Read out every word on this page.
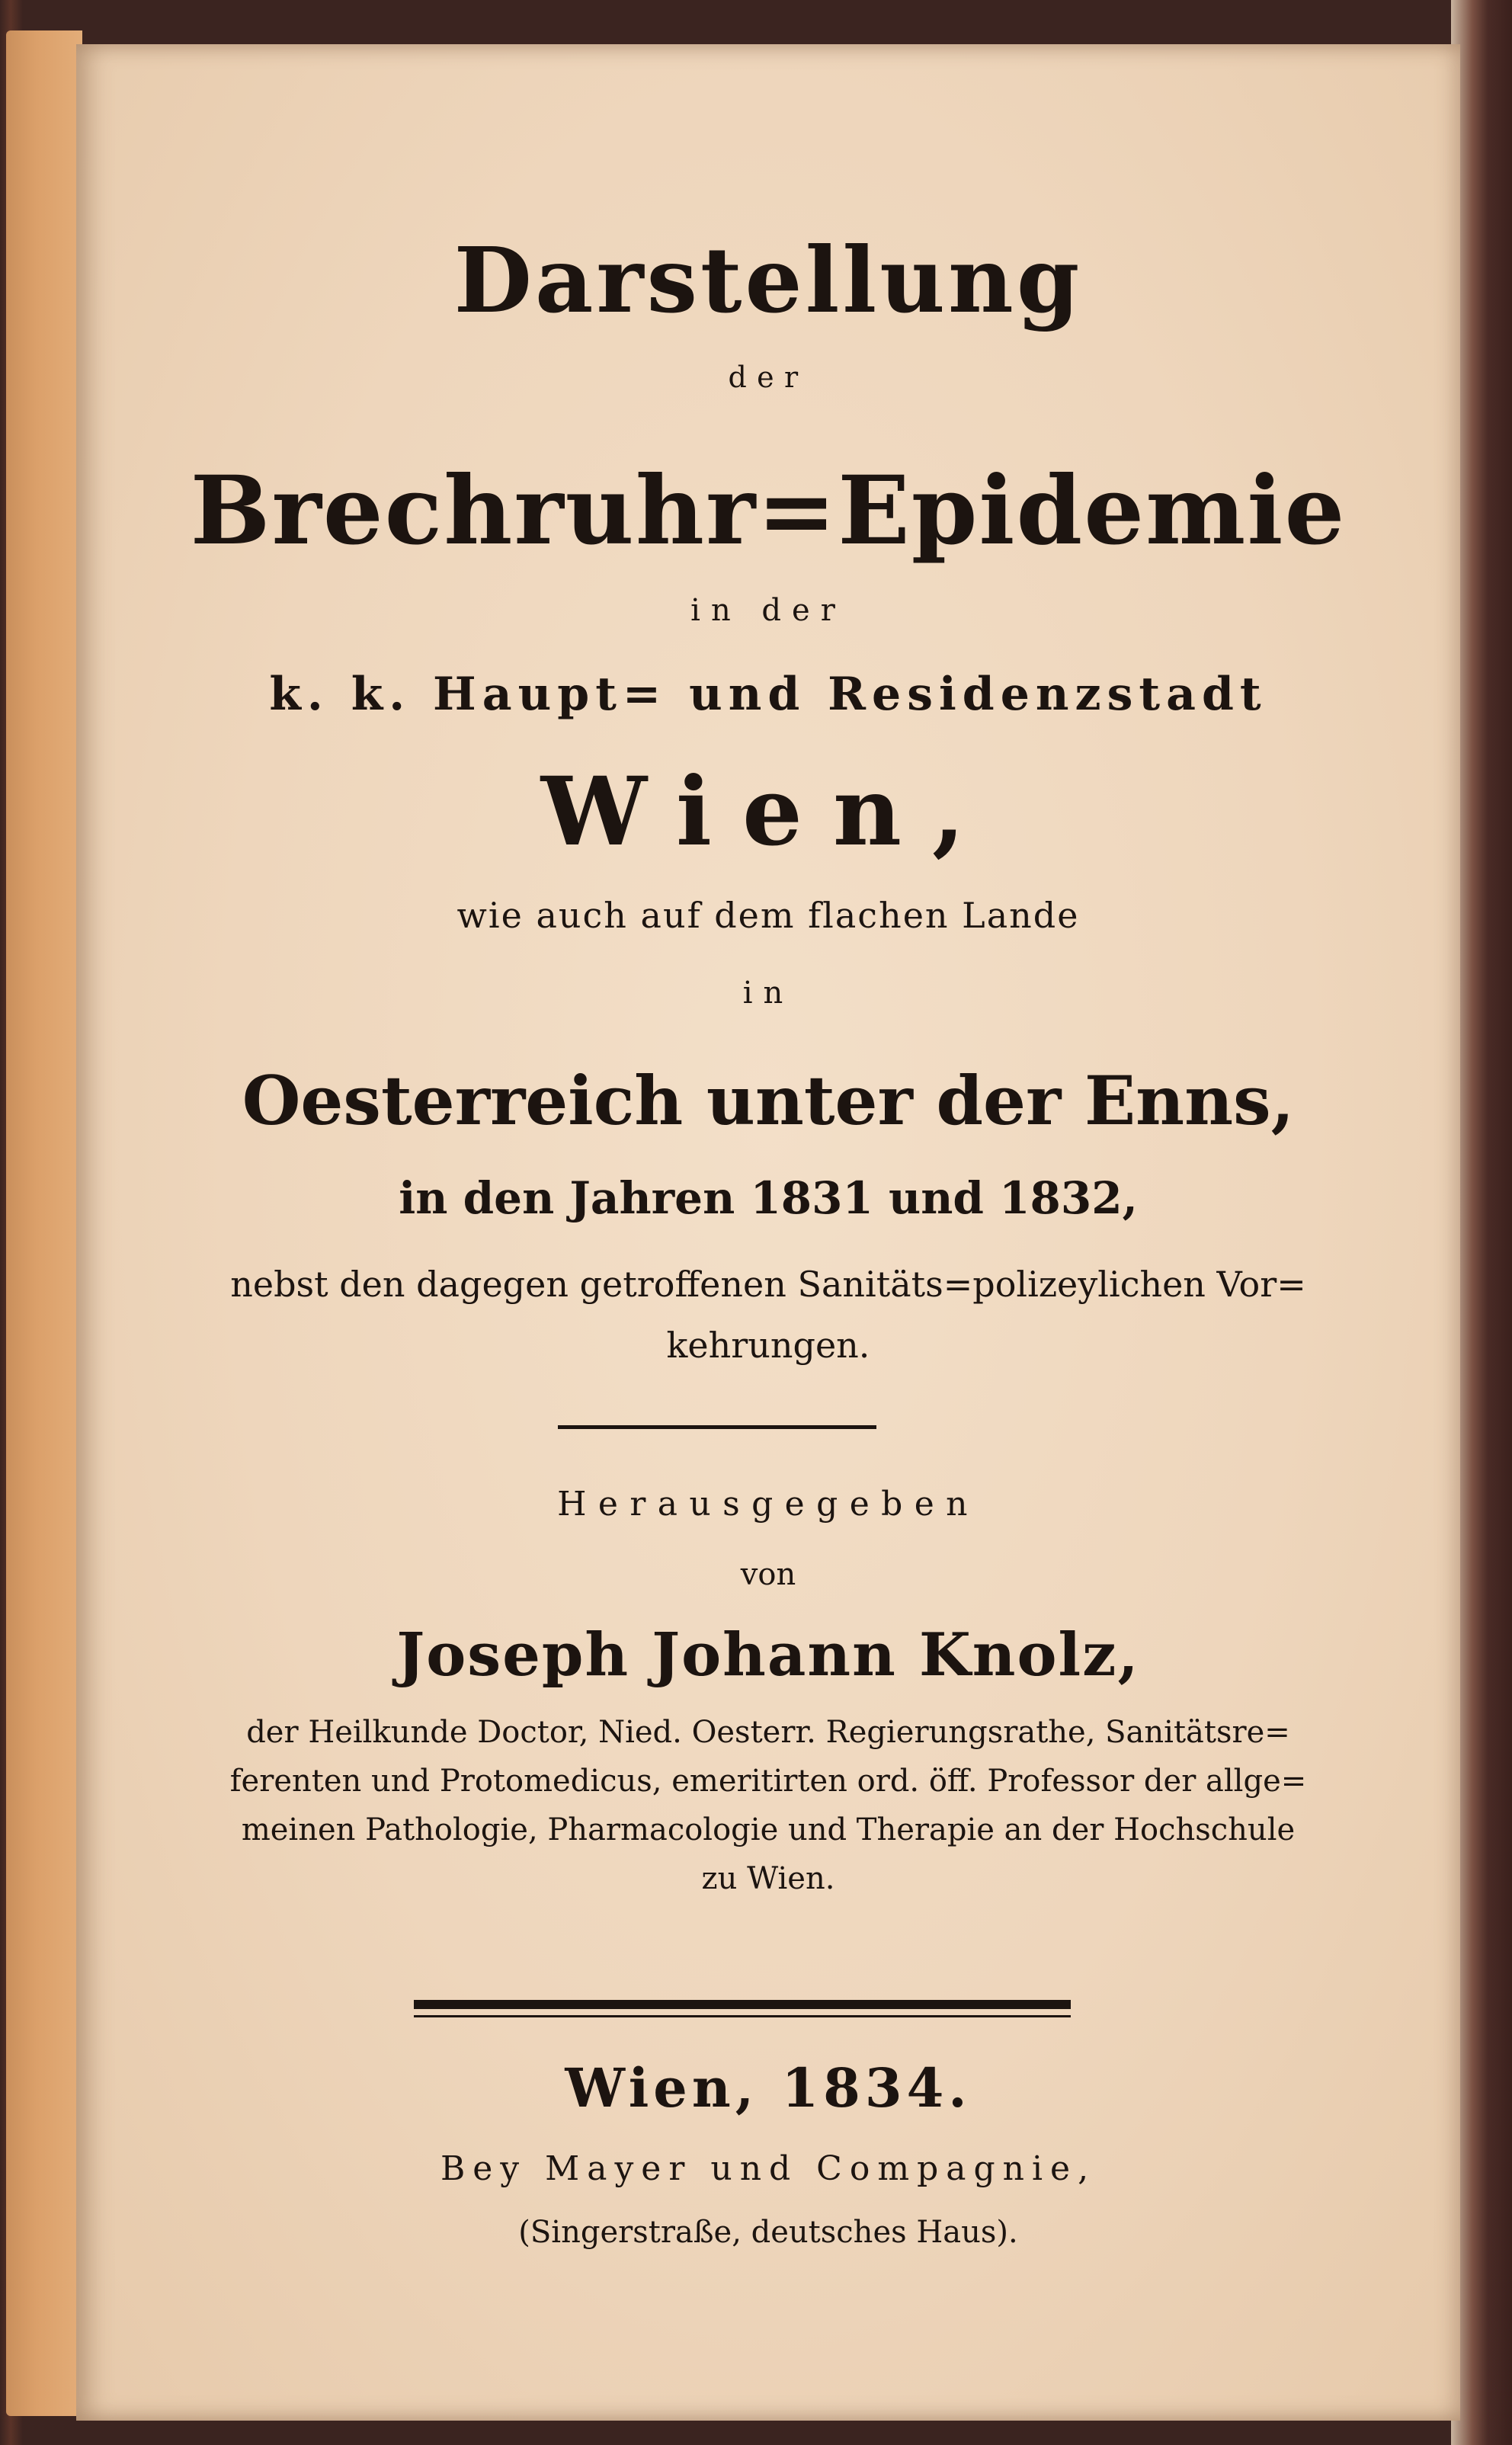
Darstellung
der
Brechruhr=Epidemie
in der
k. k. Haupt= und Residenzstadt
Wien,
wie auch auf dem flachen Lande
in
Oesterreich unter der Enns,
in den Jahren 1831 und 1832,
nebst den dagegen getroffenen Sanitäts=polizeylichen Vor=
kehrungen.
Herausgegeben
von
Joseph Johann Knolz,
der Heilkunde Doctor, Nied. Oesterr. Regierungsrathe, Sanitätsre=
ferenten und Protomedicus, emeritirten ord. öff. Professor der allge=
meinen Pathologie, Pharmacologie und Therapie an der Hochschule
zu Wien.
Wien, 1834.
Bey Mayer und Compagnie,
(Singerstraße, deutsches Haus).
